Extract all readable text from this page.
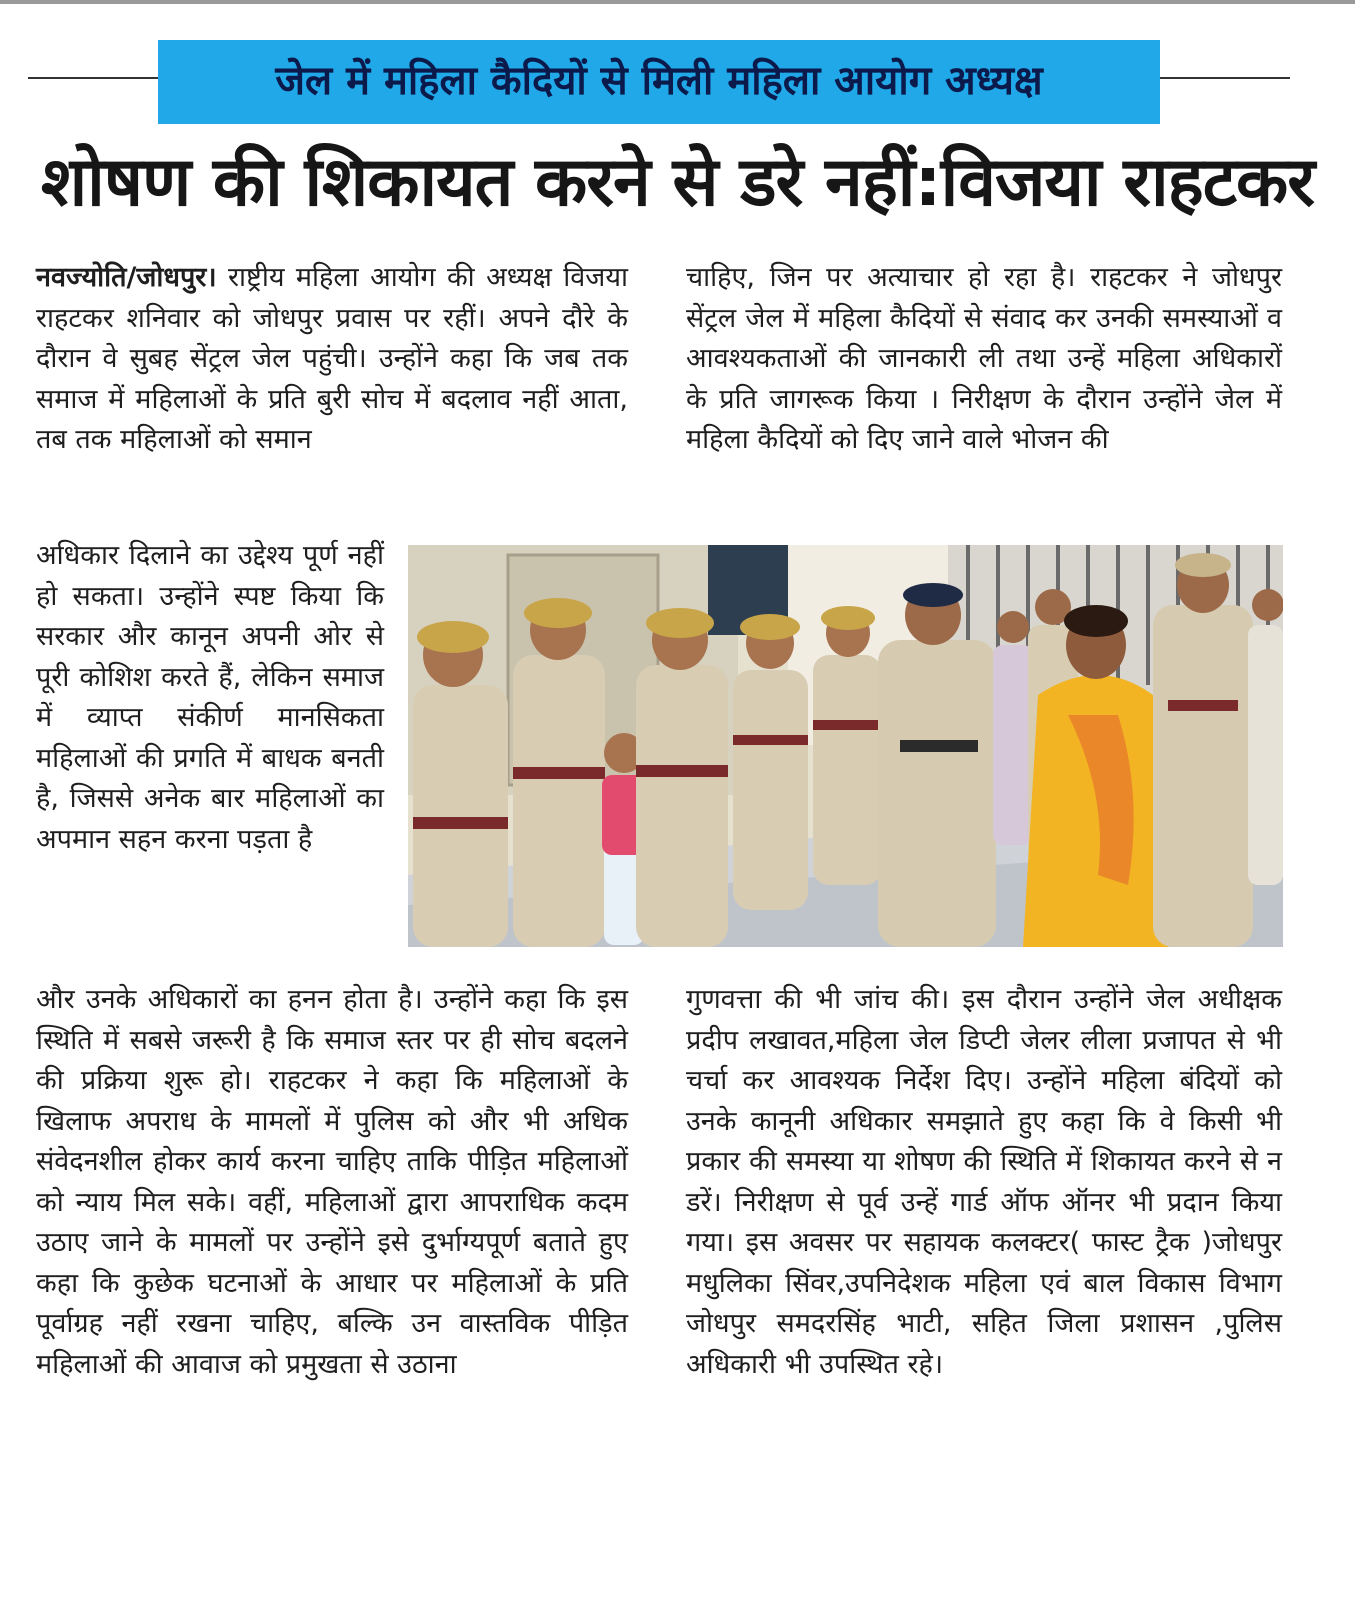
जेल में महिला कैदियों से मिली महिला आयोग अध्यक्ष
शोषण की शिकायत करने से डरे नहीं:विजया राहटकर

नवज्योति/जोधपुर। राष्ट्रीय महिला आयोग की अध्यक्ष विजया राहटकर शनिवार को जोधपुर प्रवास पर रहीं। अपने दौरे के दौरान वे सुबह सेंट्रल जेल पहुंची। उन्होंने कहा कि जब तक समाज में महिलाओं के प्रति बुरी सोच में बदलाव नहीं आता, तब तक महिलाओं को समान

अधिकार दिलाने का उद्देश्य पूर्ण नहीं हो सकता। उन्होंने स्पष्ट किया कि सरकार और कानून अपनी ओर से पूरी कोशिश करते हैं, लेकिन समाज में व्याप्त संकीर्ण मानसिकता महिलाओं की प्रगति में बाधक बनती है, जिससे अनेक बार महिलाओं का अपमान सहन करना पड़ता है

और उनके अधिकारों का हनन होता है। उन्होंने कहा कि इस स्थिति में सबसे जरूरी है कि समाज स्तर पर ही सोच बदलने की प्रक्रिया शुरू हो। राहटकर ने कहा कि महिलाओं के खिलाफ अपराध के मामलों में पुलिस को और भी अधिक संवेदनशील होकर कार्य करना चाहिए ताकि पीड़ित महिलाओं को न्याय मिल सके। वहीं, महिलाओं द्वारा आपराधिक कदम उठाए जाने के मामलों पर उन्होंने इसे दुर्भाग्यपूर्ण बताते हुए कहा कि कुछेक घटनाओं के आधार पर महिलाओं के प्रति पूर्वाग्रह नहीं रखना चाहिए, बल्कि उन वास्तविक पीड़ित महिलाओं की आवाज को प्रमुखता से उठाना

चाहिए, जिन पर अत्याचार हो रहा है। राहटकर ने जोधपुर सेंट्रल जेल में महिला कैदियों से संवाद कर उनकी समस्याओं व आवश्यकताओं की जानकारी ली तथा उन्हें महिला अधिकारों के प्रति जागरूक किया । निरीक्षण के दौरान उन्होंने जेल में महिला कैदियों को दिए जाने वाले भोजन की

गुणवत्ता की भी जांच की। इस दौरान उन्होंने जेल अधीक्षक प्रदीप लखावत,महिला जेल डिप्टी जेलर लीला प्रजापत से भी चर्चा कर आवश्यक निर्देश दिए। उन्होंने महिला बंदियों को उनके कानूनी अधिकार समझाते हुए कहा कि वे किसी भी प्रकार की समस्या या शोषण की स्थिति में शिकायत करने से न डरें। निरीक्षण से पूर्व उन्हें गार्ड ऑफ ऑनर भी प्रदान किया गया। इस अवसर पर सहायक कलक्टर( फास्ट ट्रैक )जोधपुर मधुलिका सिंवर,उपनिदेशक महिला एवं बाल विकास विभाग जोधपुर समदरसिंह भाटी, सहित जिला प्रशासन ,पुलिस अधिकारी भी उपस्थित रहे।
